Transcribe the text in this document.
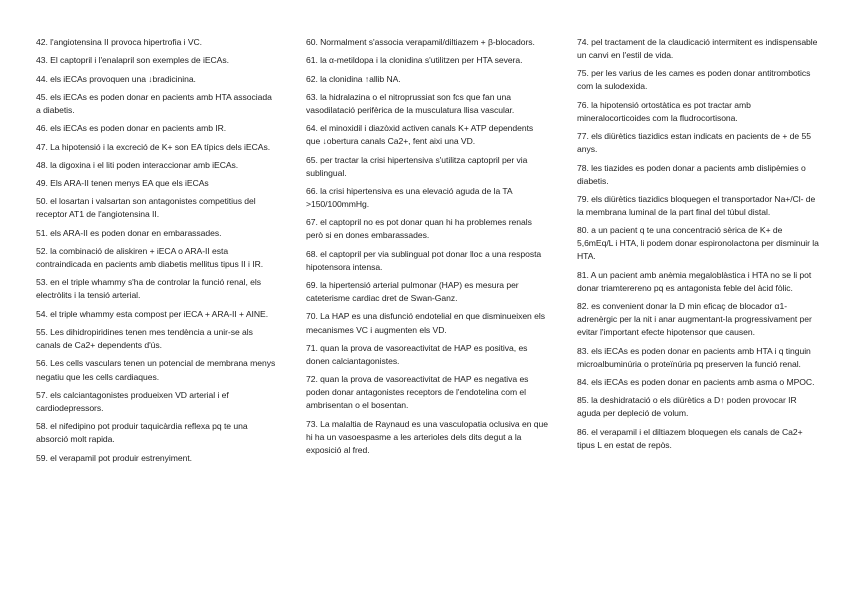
42. l'angiotensina II provoca hipertrofia i VC.

43. El captopril i l'enalapril son exemples de iECAs.

44. els iECAs provoquen una ↓bradicinina.

45. els iECAs es poden donar en pacients amb HTA associada a diabetis.

46. els iECAs es poden donar en pacients amb IR.

47. La hipotensió i la excreció de K+ son EA típics dels iECAs.

48. la digoxina i el liti poden interaccionar amb iECAs.

49. Els ARA-II tenen menys EA que els iECAs

50. el losartan i valsartan son antagonistes competitius del receptor AT1 de l'angiotensina II.

51. els ARA-II es poden donar en embarassades.

52. la combinació de aliskiren + iECA o ARA-II esta contraindicada en pacients amb diabetis mellitus tipus II i IR.

53. en el triple whammy s'ha de controlar la funció renal, els electròlits i la tensió arterial.

54. el triple whammy esta compost per iECA + ARA-II + AINE.

55. Les dihidropiridines tenen mes tendència a unir-se als canals de Ca2+ dependents d'ús.

56. Les cells vasculars tenen un potencial de membrana menys negatiu que les cells cardiaques.

57. els calciantagonistes produeixen VD arterial i ef cardiodepressors.

58. el nifedipino pot produir taquicàrdia reflexa pq te una absorció molt rapida.

59. el verapamil pot produir estrenyiment.

60. Normalment s'associa verapamil/diltiazem + β-blocadors.

61. la α-metildopa i la clonidina s'utilitzen per HTA severa.

62. la clonidina ↑allib NA.

63. la hidralazina o el nitroprussiat son fcs que fan una vasodilatació perifèrica de la musculatura llisa vascular.

64. el minoxidil i diazòxid activen canals K+ ATP dependents que ↓obertura canals Ca2+, fent aixi una VD.

65. per tractar la crisi hipertensiva s'utilitza captopril per via sublingual.

66. la crisi hipertensiva es una elevació aguda de la TA >150/100mmHg.

67. el captopril no es pot donar quan hi ha problemes renals però si en dones embarassades.

68. el captopril per via sublingual pot donar lloc a una resposta hipotensora intensa.

69. la hipertensió arterial pulmonar (HAP) es mesura per cateterisme cardiac dret de Swan-Ganz.

70. La HAP es una disfunció endotelial en que disminueixen els mecanismes VC i augmenten els VD.

71. quan la prova de vasoreactivitat de HAP es positiva, es donen calciantagonistes.

72. quan la prova de vasoreactivitat de HAP es negativa es poden donar antagonistes receptors de l'endotelina com el ambrisentan o el bosentan.

73. La malaltia de Raynaud es una vasculopatia oclusiva en que hi ha un vasoespasme a les arterioles dels dits degut a la exposició al fred.

74. pel tractament de la claudicació intermitent es indispensable un canvi en l'estil de vida.

75. per les varius de les cames es poden donar antitrombotics com la sulodexida.

76. la hipotensió ortostàtica es pot tractar amb mineralocorticoides com la fludrocortisona.

77. els diürètics tiazidics estan indicats en pacients de + de 55 anys.

78. les tiazides es poden donar a pacients amb dislipèmies o diabetis.

79. els diürètics tiazidics bloquegen el transportador Na+/Cl- de la membrana luminal de la part final del túbul distal.

80. a un pacient q te una concentració sèrica de K+ de 5,6mEq/L i HTA, li podem donar espironolactona per disminuir la HTA.

81. A un pacient amb anèmia megaloblàstica i HTA no se li pot donar triamterereno pq es antagonista feble del àcid fòlic.

82. es convenient donar la D min eficaç de blocador α1-adrenèrgic per la nit i anar augmentant-la progressivament per evitar l'important efecte hipotensor que causen.

83. els iECAs es poden donar en pacients amb HTA i q tinguin microalbuminúria o proteïnúria pq preserven la funció renal.

84. els iECAs es poden donar en pacients amb asma o MPOC.

85. la deshidratació o els diürètics a D↑ poden provocar IR aguda per depleció de volum.

86. el verapamil i el diltiazem bloquegen els canals de Ca2+ tipus L en estat de repòs.
